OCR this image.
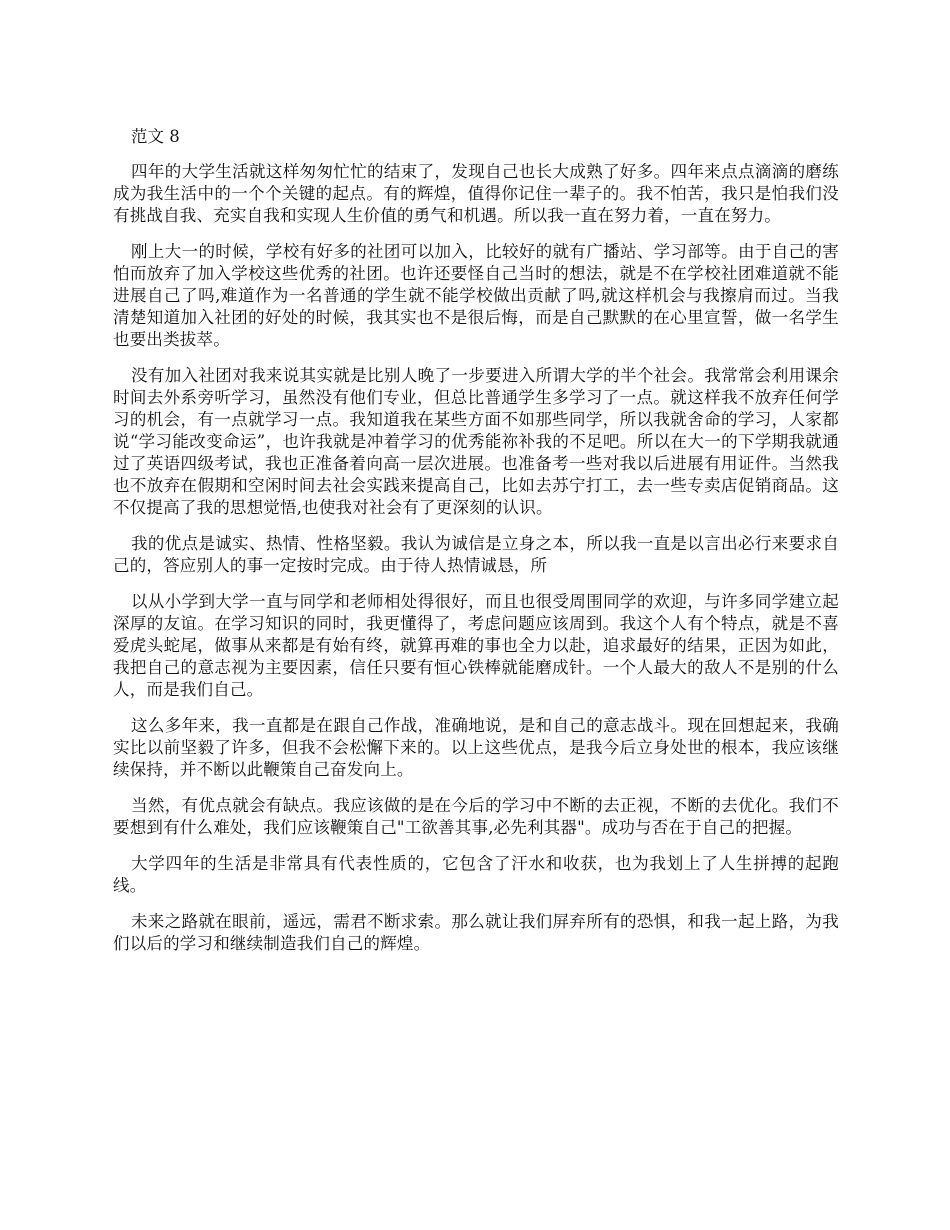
范文 8

四年的大学生活就这样匆匆忙忙的结束了，发现自己也长大成熟了好多。四年来点点滴滴的磨练成为我生活中的一个个关键的起点。有的辉煌，值得你记住一辈子的。我不怕苦，我只是怕我们没有挑战自我、充实自我和实现人生价值的勇气和机遇。所以我一直在努力着，一直在努力。

刚上大一的时候，学校有好多的社团可以加入，比较好的就有广播站、学习部等。由于自己的害怕而放弃了加入学校这些优秀的社团。也许还要怪自己当时的想法，就是不在学校社团难道就不能进展自己了吗,难道作为一名普通的学生就不能学校做出贡献了吗,就这样机会与我擦肩而过。当我清楚知道加入社团的好处的时候，我其实也不是很后悔，而是自己默默的在心里宣誓，做一名学生也要出类拔萃。

没有加入社团对我来说其实就是比别人晚了一步要进入所谓大学的半个社会。我常常会利用课余时间去外系旁听学习，虽然没有他们专业，但总比普通学生多学习了一点。就这样我不放弃任何学习的机会，有一点就学习一点。我知道我在某些方面不如那些同学，所以我就舍命的学习，人家都说“学习能改变命运”，也许我就是冲着学习的优秀能祢补我的不足吧。所以在大一的下学期我就通过了英语四级考试，我也正准备着向高一层次进展。也准备考一些对我以后进展有用证件。当然我也不放弃在假期和空闲时间去社会实践来提高自己，比如去苏宁打工，去一些专卖店促销商品。这不仅提高了我的思想觉悟,也使我对社会有了更深刻的认识。

我的优点是诚实、热情、性格坚毅。我认为诚信是立身之本，所以我一直是以言出必行来要求自己的，答应别人的事一定按时完成。由于待人热情诚恳，所

以从小学到大学一直与同学和老师相处得很好，而且也很受周围同学的欢迎，与许多同学建立起深厚的友谊。在学习知识的同时，我更懂得了，考虑问题应该周到。我这个人有个特点，就是不喜爱虎头蛇尾，做事从来都是有始有终，就算再难的事也全力以赴，追求最好的结果，正因为如此，我把自己的意志视为主要因素，信任只要有恒心铁棒就能磨成针。一个人最大的敌人不是别的什么人，而是我们自己。

这么多年来，我一直都是在跟自己作战，准确地说，是和自己的意志战斗。现在回想起来，我确实比以前坚毅了许多，但我不会松懈下来的。以上这些优点，是我今后立身处世的根本，我应该继续保持，并不断以此鞭策自己奋发向上。

当然，有优点就会有缺点。我应该做的是在今后的学习中不断的去正视，不断的去优化。我们不要想到有什么难处，我们应该鞭策自己"工欲善其事,必先利其器"。成功与否在于自己的把握。

大学四年的生活是非常具有代表性质的，它包含了汗水和收获，也为我划上了人生拼搏的起跑线。

未来之路就在眼前，遥远，需君不断求索。那么就让我们屏弃所有的恐惧，和我一起上路，为我们以后的学习和继续制造我们自己的辉煌。
